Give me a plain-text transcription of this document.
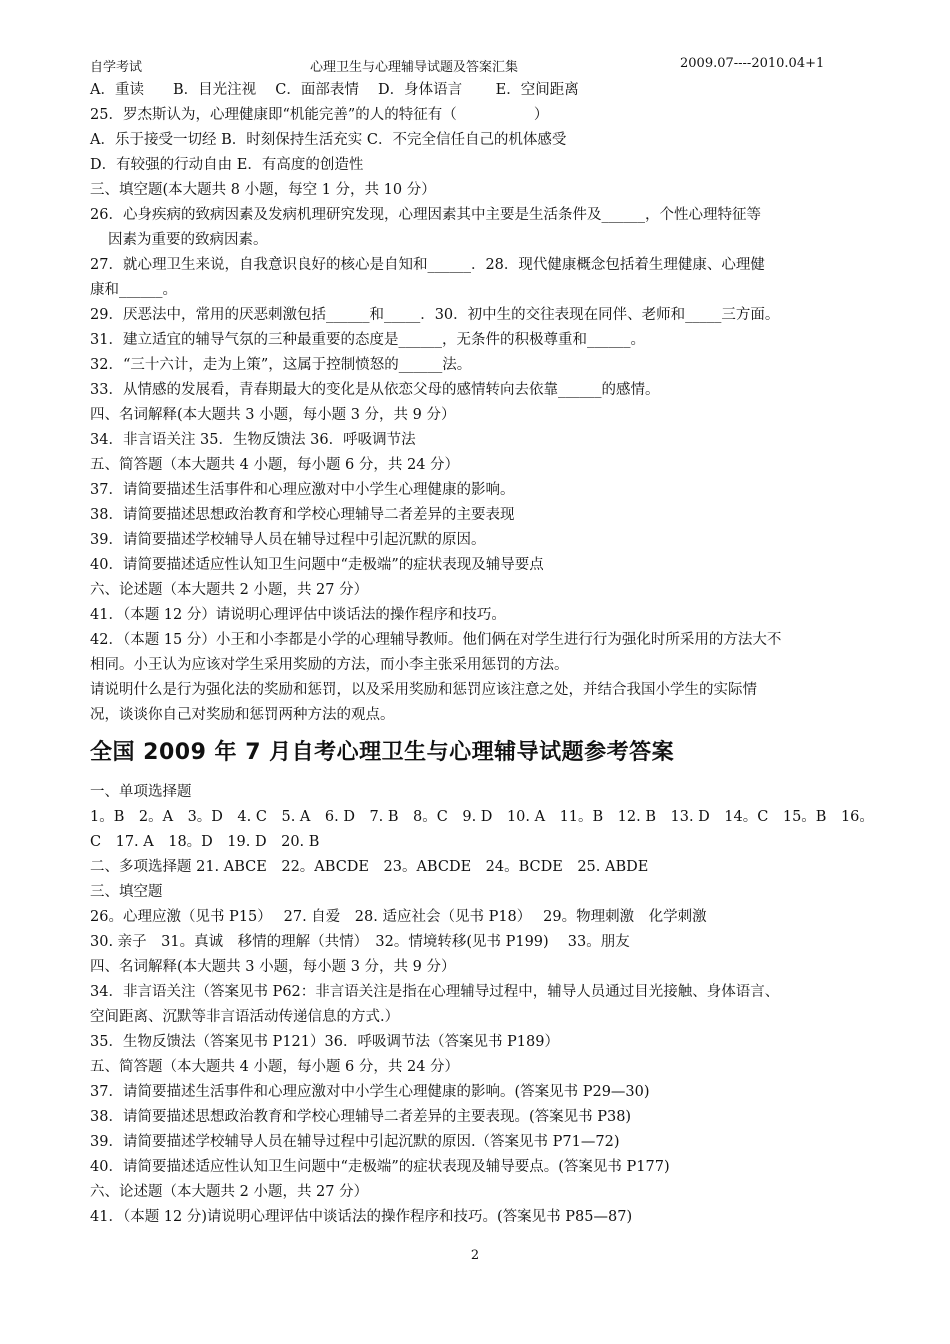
自学考试	心理卫生与心理辅导试题及答案汇集	2009.07----2010.04+1
A．重读　　B．目光注视　 C．面部表情　 D．身体语言　　 E．空间距离
25．罗杰斯认为，心理健康即“机能完善”的人的特征有（　　　　　 ）
A．乐于接受一切经 B．时刻保持生活充实 C．不完全信任自己的机体感受
D．有较强的行动自由 E．有高度的创造性
三、填空题(本大题共 8 小题，每空 1 分，共 10 分）
26．心身疾病的致病因素及发病机理研究发现，心理因素其中主要是生活条件及______，个性心理特征等
因素为重要的致病因素。
27．就心理卫生来说，自我意识良好的核心是自知和______．28．现代健康概念包括着生理健康、心理健
康和______。
29．厌恶法中，常用的厌恶刺激包括______和_____．30．初中生的交往表现在同伴、老师和_____三方面。
31．建立适宜的辅导气氛的三种最重要的态度是______，无条件的积极尊重和______。
32．“三十六计，走为上策”，这属于控制愤怒的______法。
33．从情感的发展看，青春期最大的变化是从依恋父母的感情转向去依靠______的感情。
四、名词解释(本大题共 3 小题，每小题 3 分，共 9 分）
34．非言语关注 35．生物反馈法 36．呼吸调节法
五、简答题（本大题共 4 小题，每小题 6 分，共 24 分）
37．请简要描述生活事件和心理应激对中小学生心理健康的影响。
38．请简要描述思想政治教育和学校心理辅导二者差异的主要表现
39．请简要描述学校辅导人员在辅导过程中引起沉默的原因。
40．请简要描述适应性认知卫生问题中“走极端”的症状表现及辅导要点
六、论述题（本大题共 2 小题，共 27 分）
41．（本题 12 分）请说明心理评估中谈话法的操作程序和技巧。
42．（本题 15 分）小王和小李都是小学的心理辅导教师。他们俩在对学生进行行为强化时所采用的方法大不
相同。小王认为应该对学生采用奖励的方法，而小李主张采用惩罚的方法。
请说明什么是行为强化法的奖励和惩罚，以及采用奖励和惩罚应该注意之处，并结合我国小学生的实际情
况，谈谈你自己对奖励和惩罚两种方法的观点。
全国 2009 年 7 月自考心理卫生与心理辅导试题参考答案
一、单项选择题
1。B　2。A　3。D　4. C　5. A　6. D　7. B　8。C　9. D　10. A　11。B　12. B　13. D　14。C　15。B　16。
C　17. A　18。D　19. D　20. B
二、多项选择题 21. ABCE　22。ABCDE　23。ABCDE　24。BCDE　25. ABDE
三、填空题
26。心理应激（见书 P15）　 27. 自爱　28. 适应社会（见书 P18）　 29。物理刺激　化学刺激
30. 亲子　31。真诚　移情的理解（共情）　32。情境转移(见书 P199)　 33。朋友
四、名词解释(本大题共 3 小题，每小题 3 分，共 9 分）
34．非言语关注（答案见书 P62：非言语关注是指在心理辅导过程中，辅导人员通过目光接触、身体语言、
空间距离、沉默等非言语活动传递信息的方式.）
35．生物反馈法（答案见书 P121）36．呼吸调节法（答案见书 P189）
五、简答题（本大题共 4 小题，每小题 6 分，共 24 分）
37．请简要描述生活事件和心理应激对中小学生心理健康的影响。(答案见书 P29—30)
38．请简要描述思想政治教育和学校心理辅导二者差异的主要表现。(答案见书 P38)
39．请简要描述学校辅导人员在辅导过程中引起沉默的原因.（答案见书 P71—72)
40．请简要描述适应性认知卫生问题中“走极端”的症状表现及辅导要点。(答案见书 P177)
六、论述题（本大题共 2 小题，共 27 分）
41．（本题 12 分)请说明心理评估中谈话法的操作程序和技巧。(答案见书 P85—87)
2
